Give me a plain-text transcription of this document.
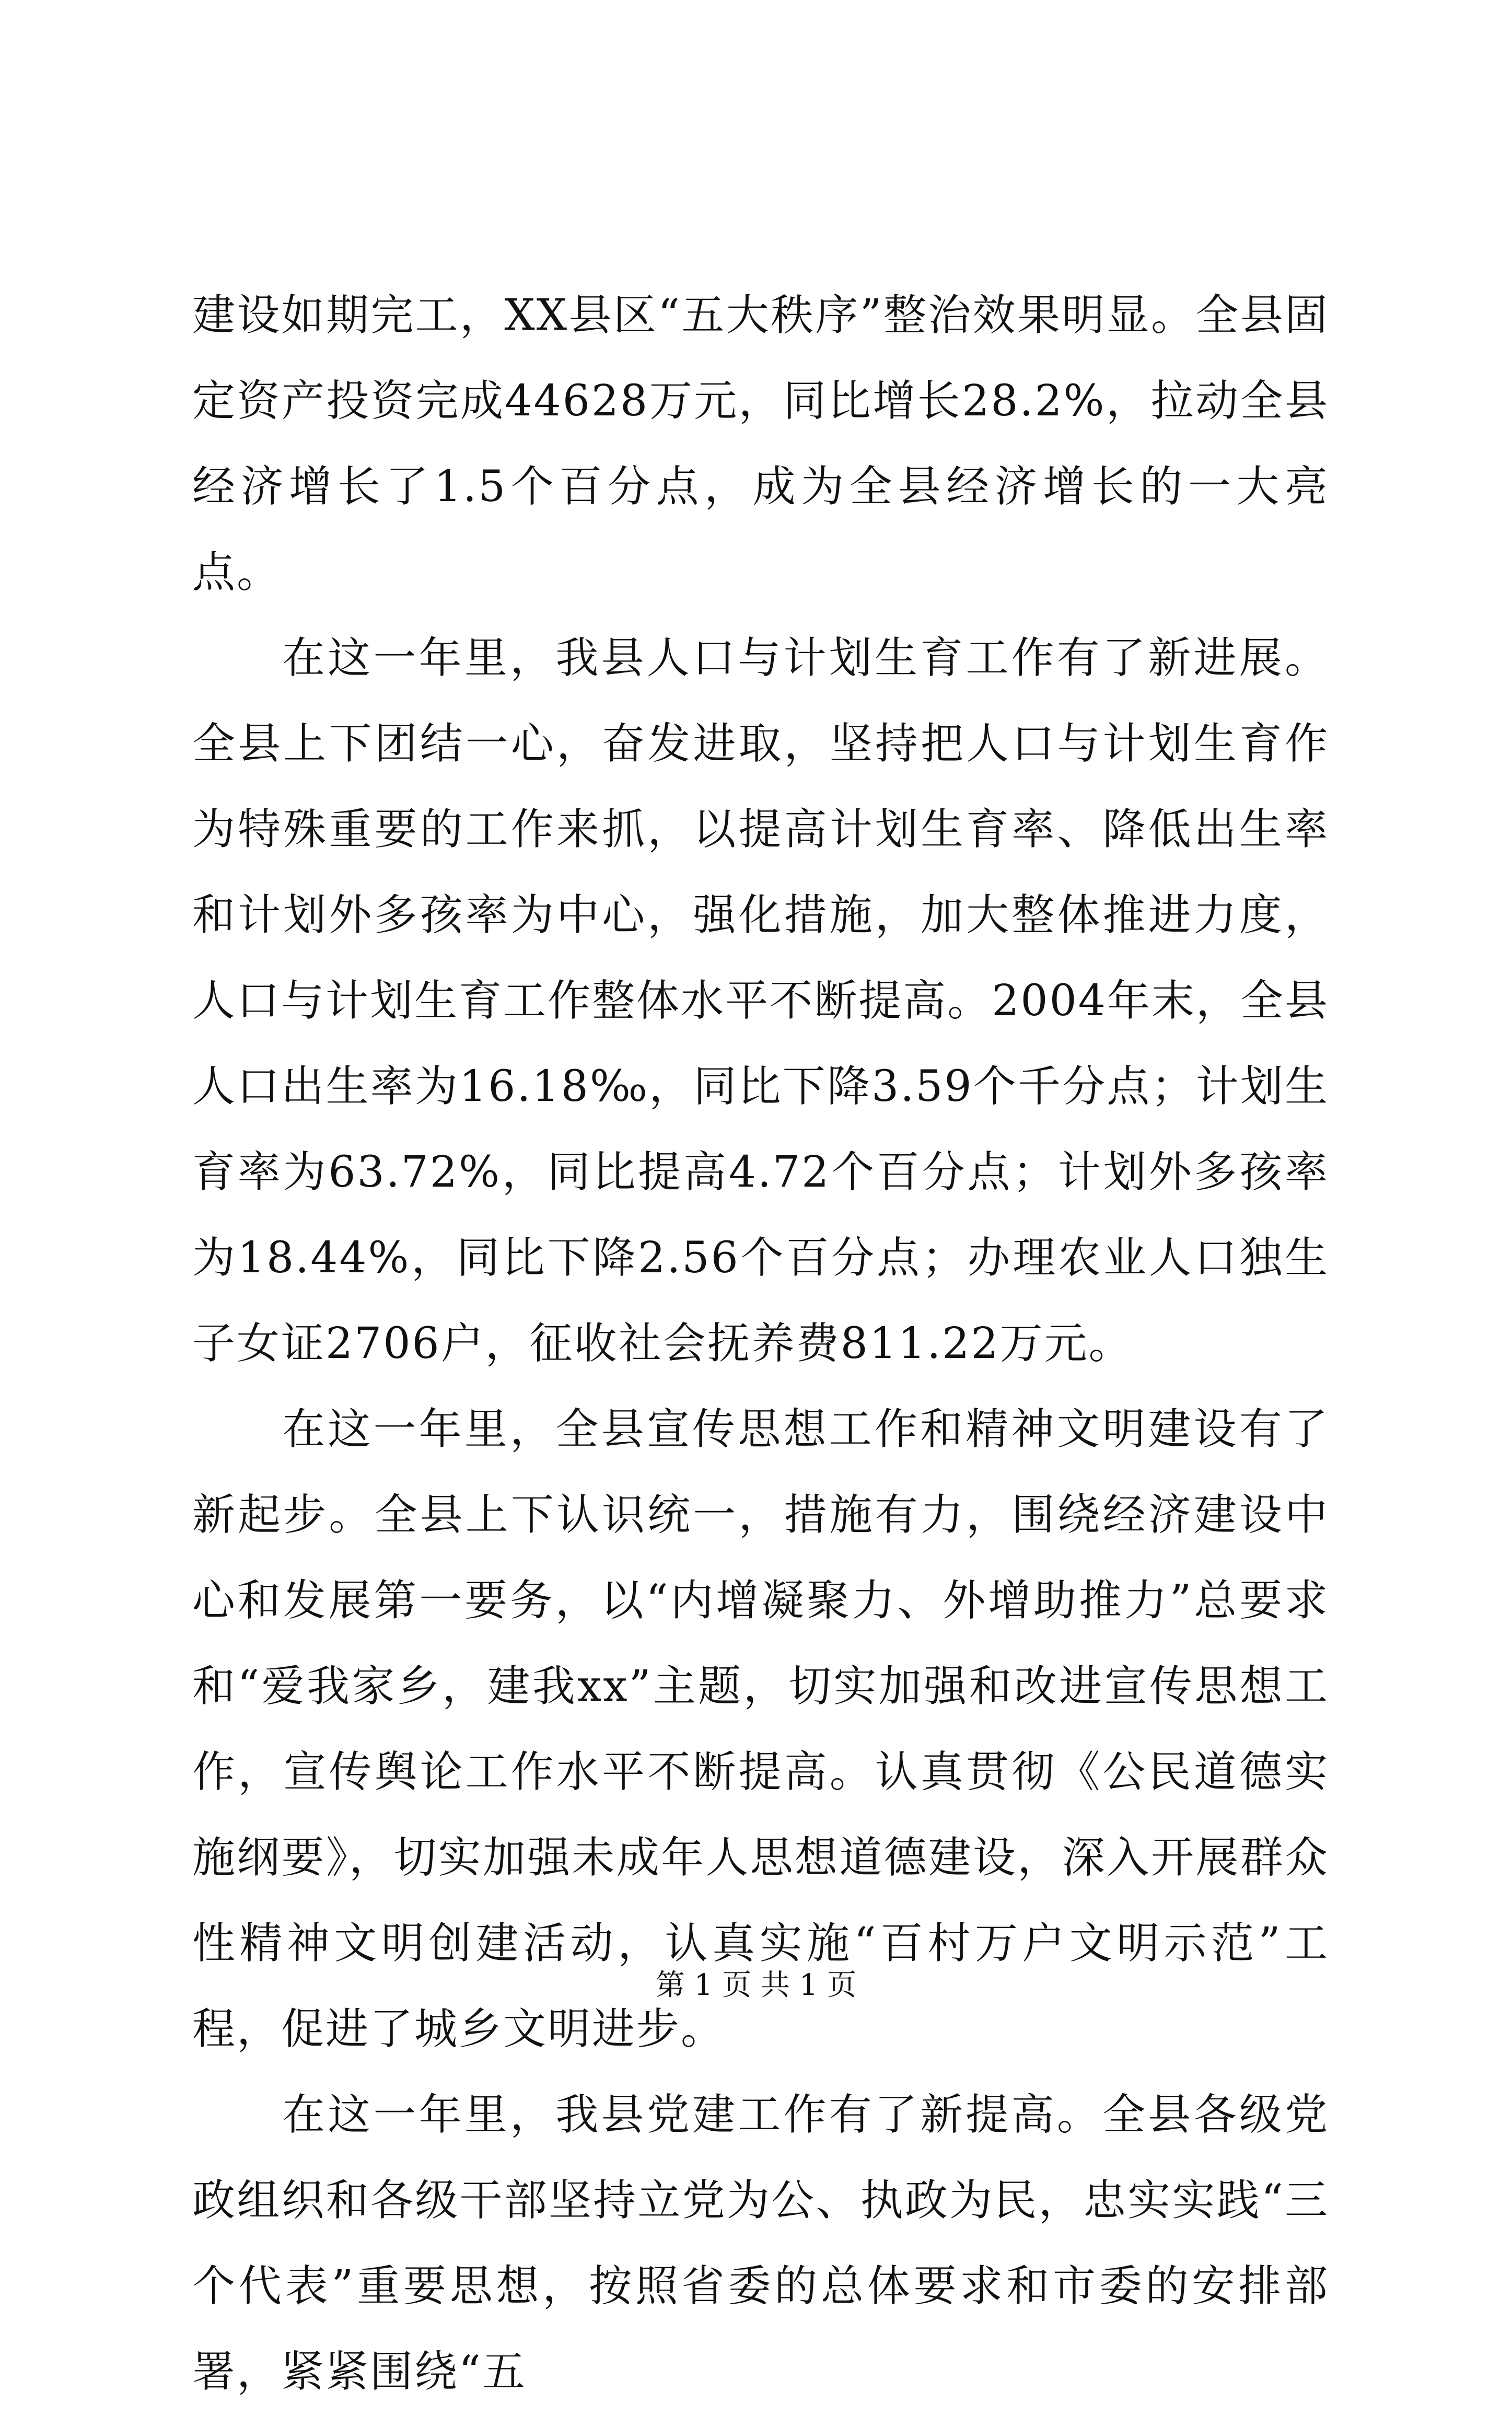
建设如期完工，XX县区“五大秩序”整治效果明显。全县固定资产投资完成44628万元，同比增长28.2%，拉动全县经济增长了1.5个百分点，成为全县经济增长的一大亮点。

在这一年里，我县人口与计划生育工作有了新进展。全县上下团结一心，奋发进取，坚持把人口与计划生育作为特殊重要的工作来抓，以提高计划生育率、降低出生率和计划外多孩率为中心，强化措施，加大整体推进力度，人口与计划生育工作整体水平不断提高。2004年末，全县人口出生率为16.18‰，同比下降3.59个千分点；计划生育率为63.72%，同比提高4.72个百分点；计划外多孩率为18.44%，同比下降2.56个百分点；办理农业人口独生子女证2706户，征收社会抚养费811.22万元。

在这一年里，全县宣传思想工作和精神文明建设有了新起步。全县上下认识统一，措施有力，围绕经济建设中心和发展第一要务，以“内增凝聚力、外增助推力”总要求和“爱我家乡，建我xx”主题，切实加强和改进宣传思想工作，宣传舆论工作水平不断提高。认真贯彻《公民道德实施纲要》，切实加强未成年人思想道德建设，深入开展群众性精神文明创建活动，认真实施“百村万户文明示范”工程，促进了城乡文明进步。

在这一年里，我县党建工作有了新提高。全县各级党政组织和各级干部坚持立党为公、执政为民，忠实实践“三个代表”重要思想，按照省委的总体要求和市委的安排部署，紧紧围绕“五

第 1 页 共 1 页
